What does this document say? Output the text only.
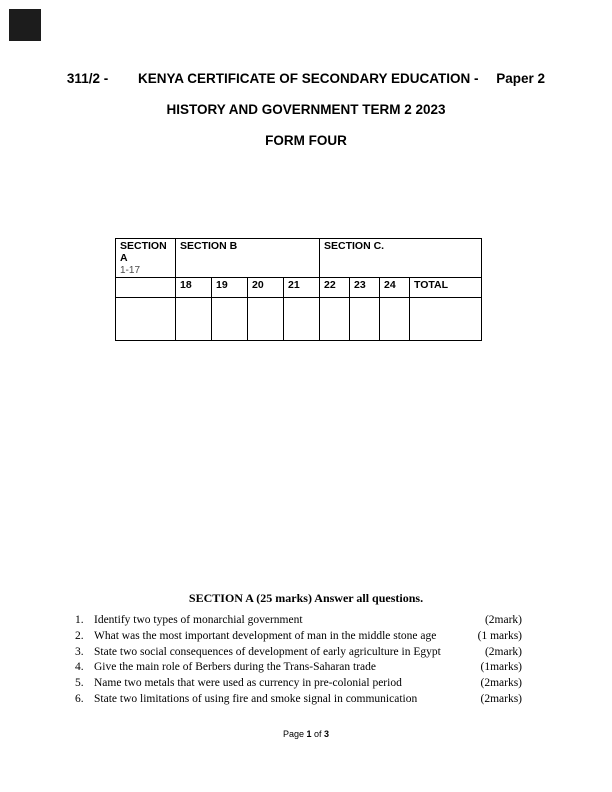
311/2 - KENYA CERTIFICATE OF SECONDARY EDUCATION - Paper 2
HISTORY AND GOVERNMENT TERM 2 2023
FORM FOUR
SECTION A
1-17	SECTION B				SECTION C.			
	18	19	20	21	22	23	24	TOTAL

SECTION A (25 marks) Answer all questions.
1. Identify two types of monarchial government	(2mark)
2. What was the most important development of man in the middle stone age	(1 marks)
3. State two social consequences of development of early agriculture in Egypt	(2mark)
4. Give the main role of Berbers during the Trans-Saharan trade	(1marks)
5. Name two metals that were used as currency in pre-colonial period	(2marks)
6. State two limitations of using fire and smoke signal in communication	(2marks)
Page 1 of 3
